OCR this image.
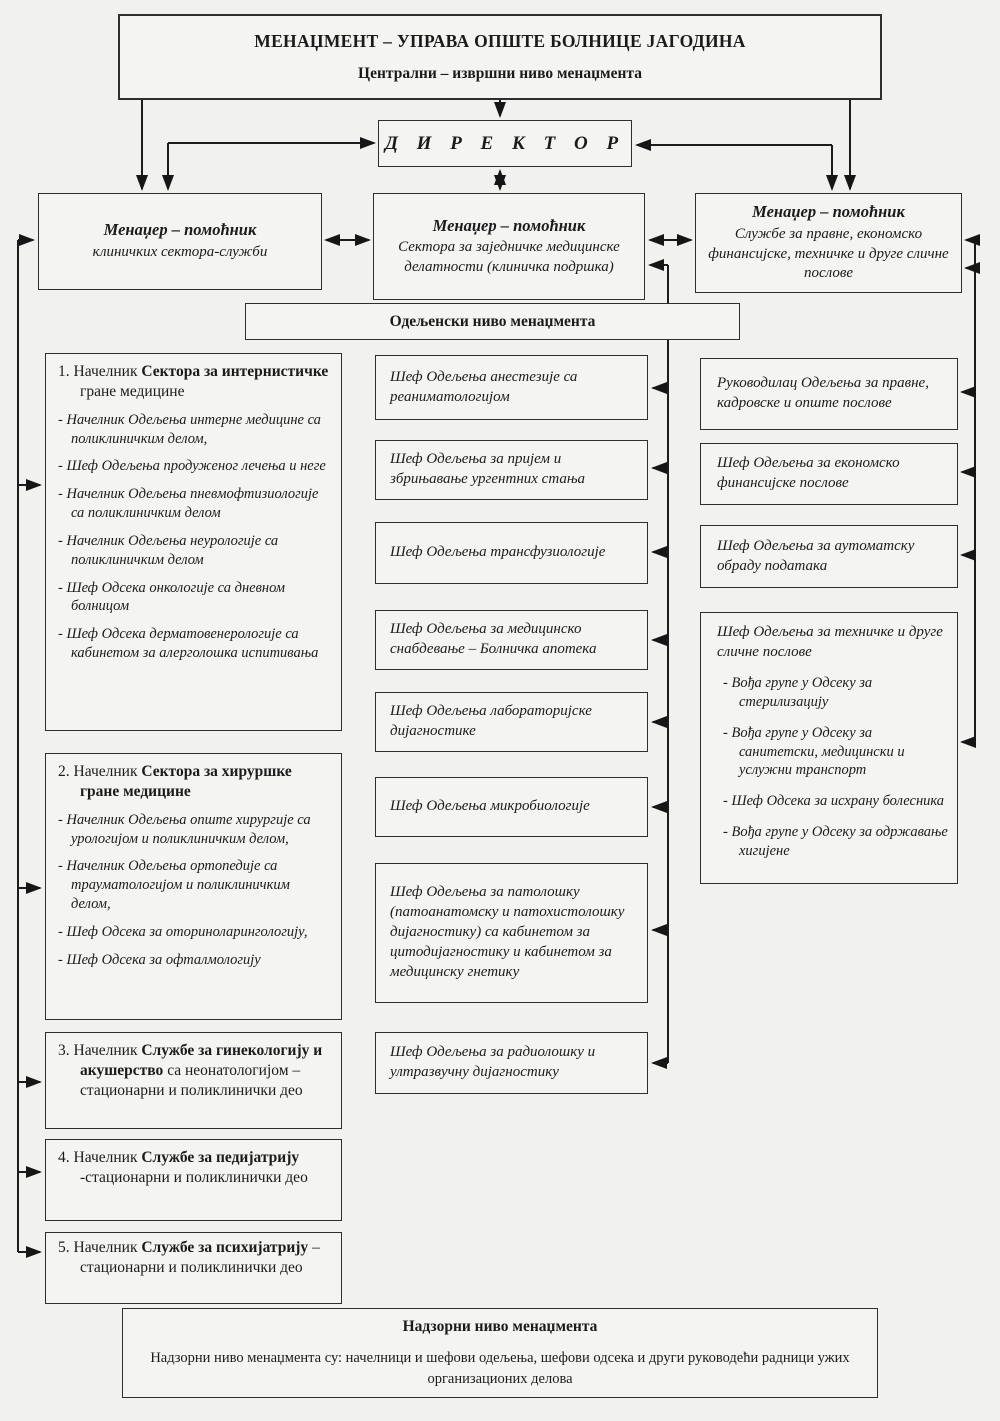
МЕНАЏМЕНТ – УПРАВА ОПШТЕ БОЛНИЦЕ ЈАГОДИНА
Централни – извршни ниво менаџмента
Д И Р Е К Т О Р
Менаџер – помоћник
клиничких сектора-служби
Менаџер – помоћник
Сектора за заједничке медицинске делатности (клиничка подршка)
Менаџер – помоћник
Службе за правне, економско финансијске, техничке и друге сличне послове
Одељенски ниво менаџмента
1. Начелник Сектора за интернистичке гране медицине
- Начелник Одељења интерне медицине са поликлиничким делом,
- Шеф Одељења продуженог лечења и неге
- Начелник Одељења пневмофтизиологије са поликлиничким делом
- Начелник Одељења неурологије са поликлиничким делом
- Шеф Одсека онкологије са дневном болницом
- Шеф Одсека дерматовенерологије са кабинетом за алерголошка испитивања
2. Начелник Сектора за хируршке гране медицине
- Начелник Одељења опште хирургије са урологијом и поликлиничким делом,
- Начелник Одељења ортопедије са трауматологијом и поликлиничким делом,
- Шеф Одсека за оториноларингологију,
- Шеф Одсека за офталмологију
3. Начелник Службе за гинекологију и акушерство са неонатологијом – стационарни и поликлинички део
4. Начелник Службе за педијатрију -стационарни и поликлинички део
5. Начелник Службе за психијатрију – стационарни и поликлинички део
Шеф Одељења анестезије са реаниматологијом
Шеф Одељења за пријем и збрињавање ургентних стања
Шеф Одељења трансфузиологије
Шеф Одељења за медицинско снабдевање – Болничка апотека
Шеф Одељења лабораторијске дијагностике
Шеф Одељења микробиологије
Шеф Одељења за патолошку (патоанатомску и патохистолошку дијагностику) са кабинетом за цитодијагностику и кабинетом за медицинску гнетику
Шеф Одељења за радиолошку и ултразвучну дијагностику
Руководилац Одељења за правне, кадровске и опште послове
Шеф Одељења за економско финансијске послове
Шеф Одељења за аутоматску обраду података
Шеф Одељења за техничке и друге сличне послове
- Вођа групе у Одсеку за стерилизацију
- Вођа групе у Одсеку за санитетски, медицински и услужни транспорт
- Шеф Одсека за исхрану болесника
- Вођа групе у Одсеку за одржавање хигијене
Надзорни ниво менаџмента
Надзорни ниво менаџмента су: начелници и шефови одељења, шефови одсека и други руководећи радници ужих организационих делова
